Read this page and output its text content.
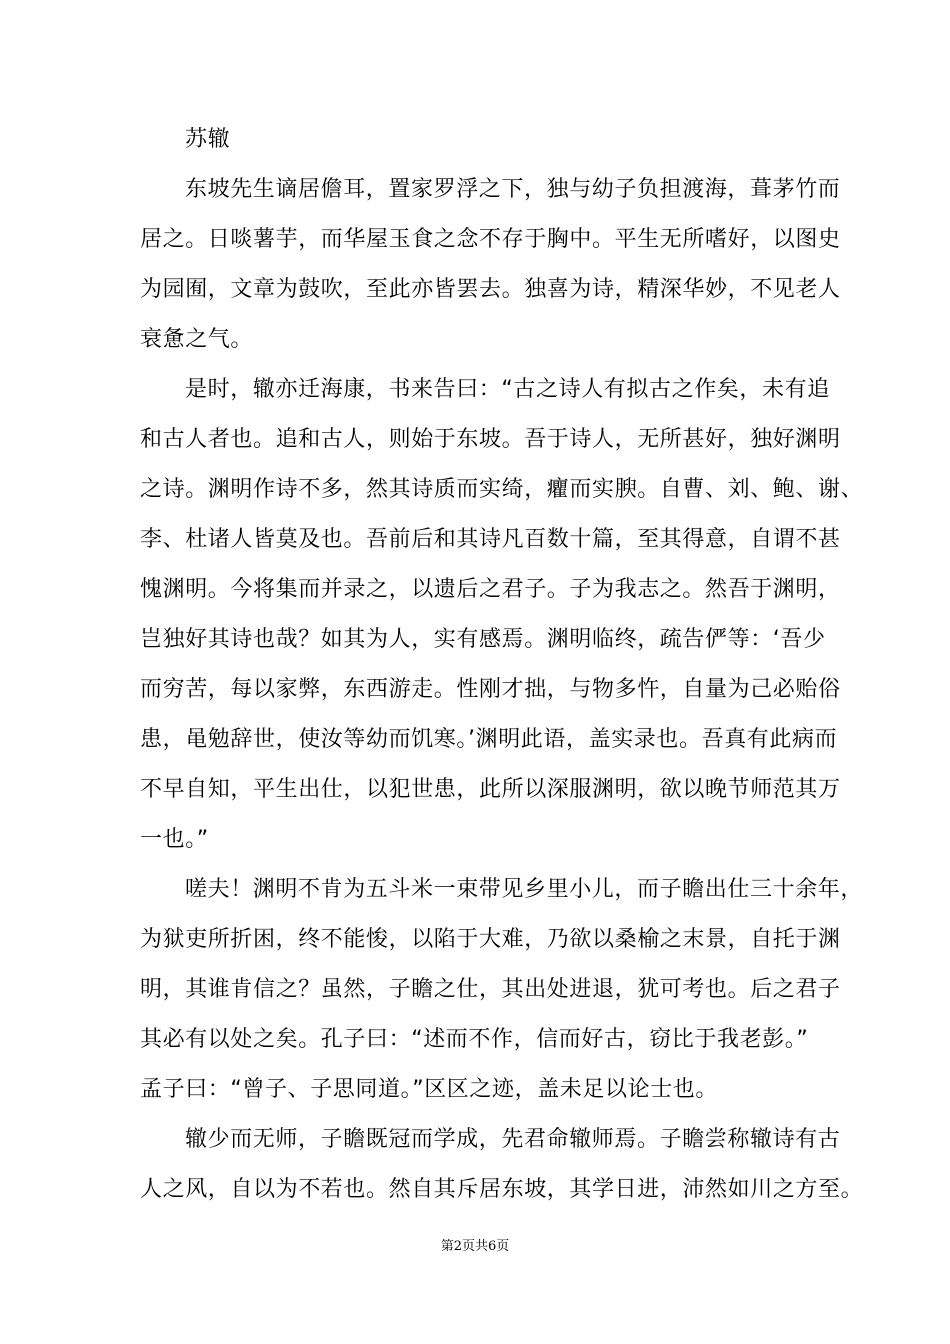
苏辙
东坡先生谪居儋耳，置家罗浮之下，独与幼子负担渡海，葺茅竹而
居之。日啖薯芋，而华屋玉食之念不存于胸中。平生无所嗜好，以图史
为园囿，文章为鼓吹，至此亦皆罢去。独喜为诗，精深华妙，不见老人
衰惫之气。
是时，辙亦迁海康，书来告曰：“古之诗人有拟古之作矣，未有追
和古人者也。追和古人，则始于东坡。吾于诗人，无所甚好，独好渊明
之诗。渊明作诗不多，然其诗质而实绮，癯而实腴。自曹、刘、鲍、谢、
李、杜诸人皆莫及也。吾前后和其诗凡百数十篇，至其得意，自谓不甚
愧渊明。今将集而并录之，以遗后之君子。子为我志之。然吾于渊明，
岂独好其诗也哉？如其为人，实有感焉。渊明临终，疏告俨等：‘吾少
而穷苦，每以家弊，东西游走。性刚才拙，与物多忤，自量为己必贻俗
患，黾勉辞世，使汝等幼而饥寒。’渊明此语，盖实录也。吾真有此病而
不早自知，平生出仕，以犯世患，此所以深服渊明，欲以晚节师范其万
一也。”
嗟夫！渊明不肯为五斗米一束带见乡里小儿，而子瞻出仕三十余年，
为狱吏所折困，终不能悛，以陷于大难，乃欲以桑榆之末景，自托于渊
明，其谁肯信之？虽然，子瞻之仕，其出处进退，犹可考也。后之君子
其必有以处之矣。孔子曰：“述而不作，信而好古，窃比于我老彭。”
孟子曰：“曾子、子思同道。”区区之迹，盖未足以论士也。
辙少而无师，子瞻既冠而学成，先君命辙师焉。子瞻尝称辙诗有古
人之风，自以为不若也。然自其斥居东坡，其学日进，沛然如川之方至。
第2页共6页
